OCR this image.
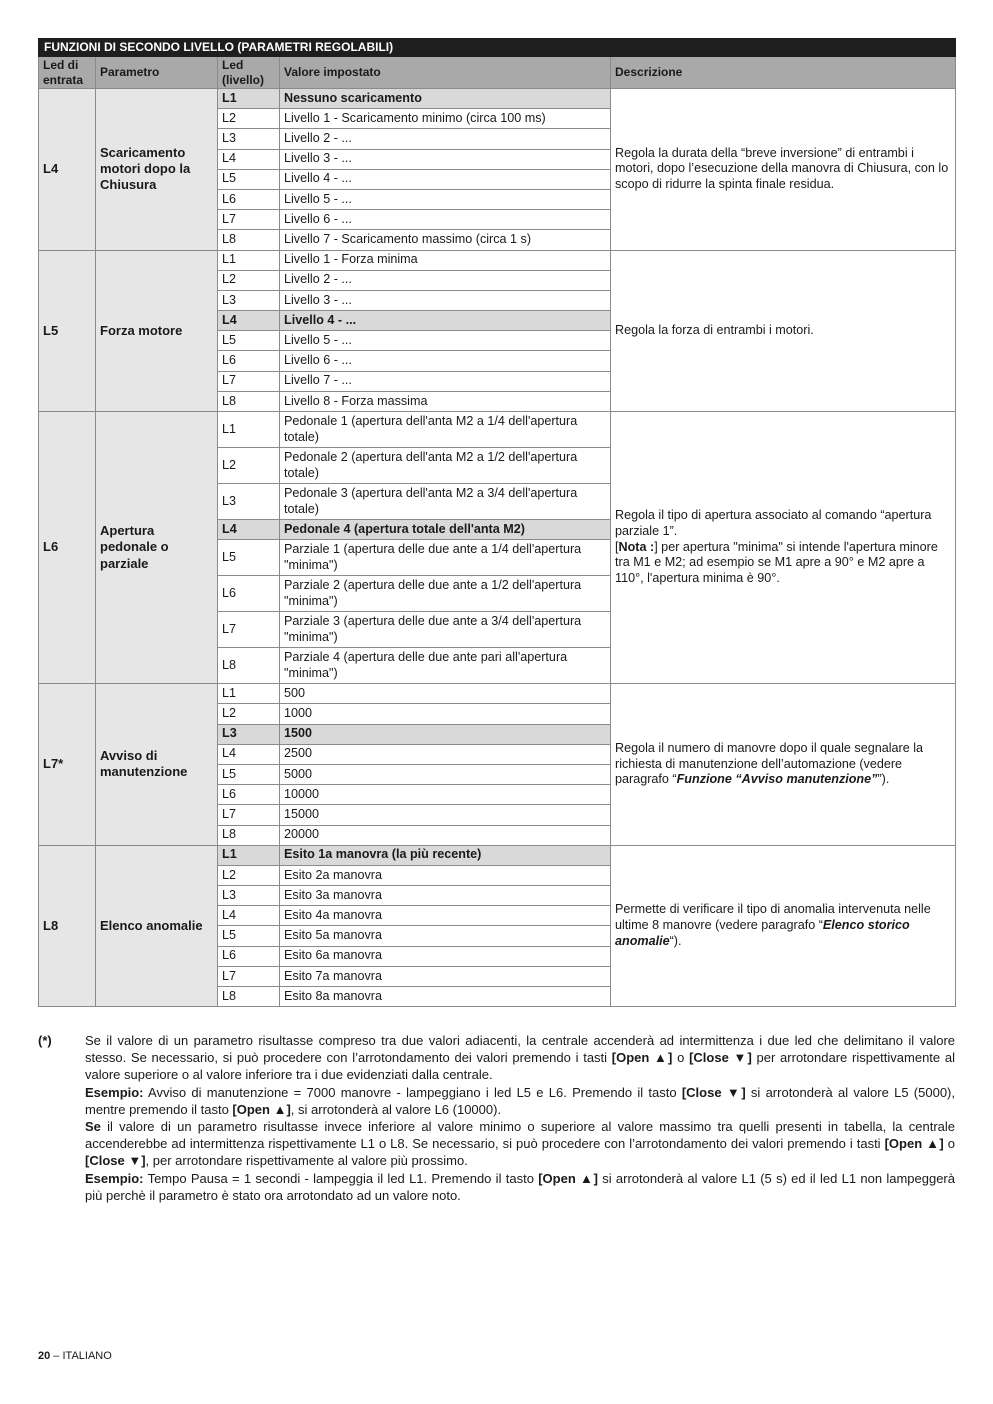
FUNZIONI DI SECONDO LIVELLO (PARAMETRI REGOLABILI)				
Led di entrata	Parametro	Led (livello)	Valore impostato	Descrizione
L4	Scaricamento motori dopo la Chiusura	L1	Nessuno scaricamento	Regola la durata della “breve inversione” di entrambi i motori, dopo l’esecuzione della manovra di Chiusura, con lo scopo di ridurre la spinta finale residua.
		L2	Livello 1 - Scaricamento minimo (circa 100 ms)	
		L3	Livello 2 - ...	
		L4	Livello 3 - ...	
		L5	Livello 4 - ...	
		L6	Livello 5 - ...	
		L7	Livello 6 - ...	
		L8	Livello 7 - Scaricamento massimo (circa 1 s)	
L5	Forza motore	L1	Livello 1 - Forza minima	Regola la forza di entrambi i motori.
		L2	Livello 2 - ...	
		L3	Livello 3 - ...	
		L4	Livello 4 - ...	
		L5	Livello 5 - ...	
		L6	Livello 6 - ...	
		L7	Livello 7 - ...	
		L8	Livello 8 - Forza massima	
L6	Apertura pedonale o parziale	L1	Pedonale 1 (apertura dell'anta M2 a 1/4 dell'apertura totale)	Regola il tipo di apertura associato al comando “apertura parziale 1”.
[Nota :] per apertura "minima" si intende l'apertura minore tra M1 e M2; ad esempio se M1 apre a 90° e M2 apre a 110°, l'apertura minima è 90°.
		L2	Pedonale 2 (apertura dell'anta M2 a 1/2 dell'apertura totale)	
		L3	Pedonale 3 (apertura dell'anta M2 a 3/4 dell'apertura totale)	
		L4	Pedonale 4 (apertura totale dell'anta M2)	
		L5	Parziale 1 (apertura delle due ante a 1/4 dell'apertura "minima")	
		L6	Parziale 2 (apertura delle due ante a 1/2 dell'apertura "minima")	
		L7	Parziale 3 (apertura delle due ante a 3/4 dell'apertura "minima")	
		L8	Parziale 4 (apertura delle due ante pari all'apertura "minima")	
L7*	Avviso di manutenzione	L1	500	Regola il numero di manovre dopo il quale segnalare la richiesta di manutenzione dell’automazione (vedere paragrafo “Funzione “Avviso manutenzione””).
		L2	1000	
		L3	1500	
		L4	2500	
		L5	5000	
		L6	10000	
		L7	15000	
		L8	20000	
L8	Elenco anomalie	L1	Esito 1a manovra (la più recente)	Permette di verificare il tipo di anomalia intervenuta nelle ultime 8 manovre (vedere paragrafo “Elenco storico anomalie“).
		L2	Esito 2a manovra	
		L3	Esito 3a manovra	
		L4	Esito 4a manovra	
		L5	Esito 5a manovra	
		L6	Esito 6a manovra	
		L7	Esito 7a manovra	
		L8	Esito 8a manovra	
(*)	Se il valore di un parametro risultasse compreso tra due valori adiacenti, la centrale accenderà ad intermittenza i due led che delimitano il valore stesso. Se necessario, si può procedere con l’arrotondamento dei valori premendo i tasti [Open ▲] o [Close ▼] per arrotondare rispettivamente al valore superiore o al valore inferiore tra i due evidenziati dalla centrale.
Esempio: Avviso di manutenzione = 7000 manovre - lampeggiano i led L5 e L6. Premendo il tasto [Close ▼] si arrotonderà al valore L5 (5000), mentre premendo il tasto [Open ▲], si arrotonderà al valore L6 (10000).
Se il valore di un parametro risultasse invece inferiore al valore minimo o superiore al valore massimo tra quelli presenti in tabella, la centrale accenderebbe ad intermittenza rispettivamente L1 o L8. Se necessario, si può procedere con l’arrotondamento dei valori premendo i tasti [Open ▲] o [Close ▼], per arrotondare rispettivamente al valore più prossimo.
Esempio: Tempo Pausa = 1 secondi - lampeggia il led L1. Premendo il tasto [Open ▲] si arrotonderà al valore L1 (5 s) ed il led L1 non lampeggerà più perchè il parametro è stato ora arrotondato ad un valore noto.
20 – ITALIANO
